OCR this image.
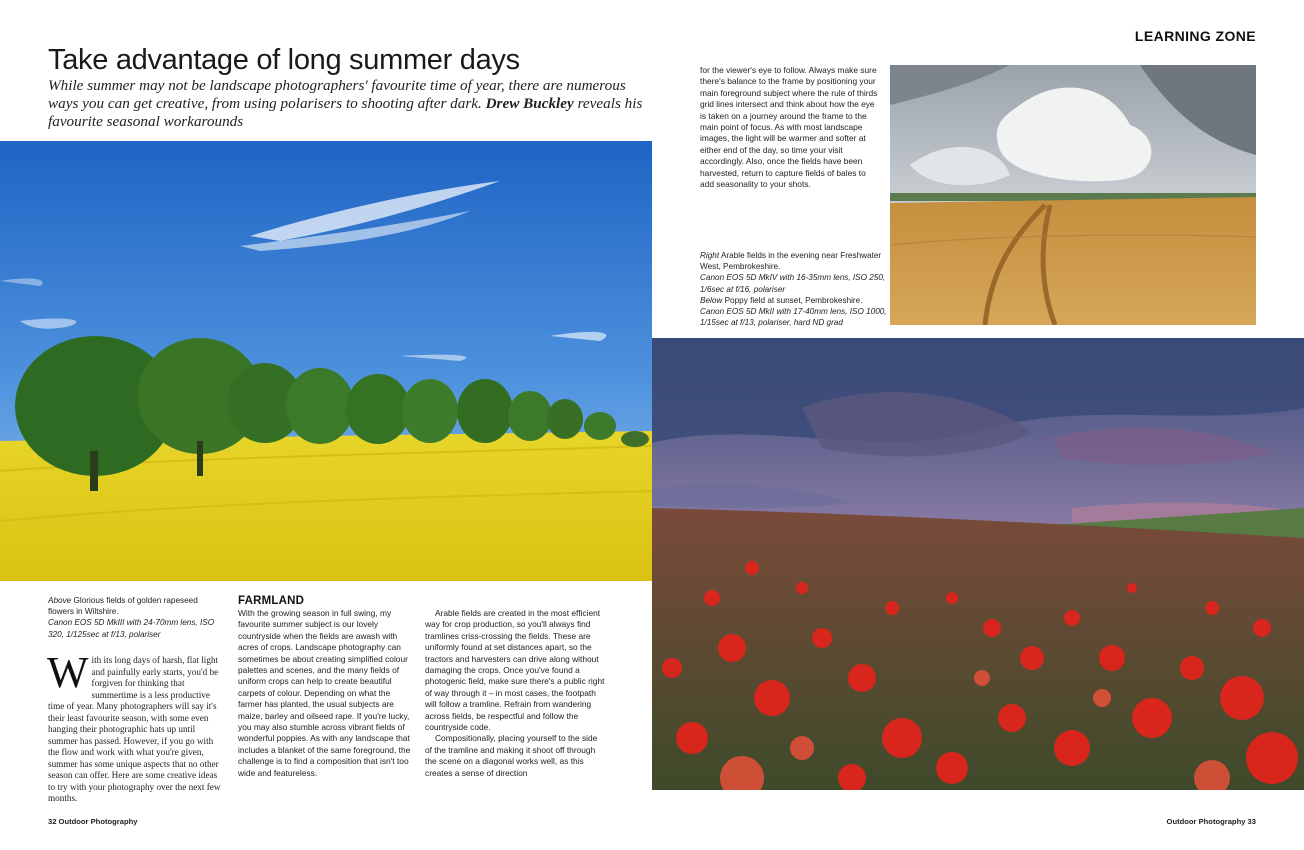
LEARNING ZONE
Take advantage of long summer days
While summer may not be landscape photographers' favourite time of year, there are numerous ways you can get creative, from using polarisers to shooting after dark. Drew Buckley reveals his favourite seasonal workarounds
Above Glorious fields of golden rapeseed flowers in Wiltshire.
Canon EOS 5D MkIII with 24-70mm lens, ISO 320, 1/125sec at f/13, polariser
Right Arable fields in the evening near Freshwater West, Pembrokeshire.
Canon EOS 5D MkIV with 16-35mm lens, ISO 250, 1/6sec at f/16, polariser
Below Poppy field at sunset, Pembrokeshire.
Canon EOS 5D MkII with 17-40mm lens, ISO 1000, 1/15sec at f/13, polariser, hard ND grad
W ith its long days of harsh, flat light and painfully early starts, you'd be forgiven for thinking that summertime is a less productive time of year. Many photographers will say it's their least favourite season, with some even hanging their photographic hats up until summer has passed. However, if you go with the flow and work with what you're given, summer has some unique aspects that no other season can offer. Here are some creative ideas to try with your photography over the next few months.
FARMLAND

With the growing season in full swing, my favourite summer subject is our lovely countryside when the fields are awash with acres of crops. Landscape photography can sometimes be about creating simplified colour palettes and scenes, and the many fields of uniform crops can help to create beautiful carpets of colour. Depending on what the farmer has planted, the usual subjects are maize, barley and oilseed rape. If you're lucky, you may also stumble across vibrant fields of wonderful poppies. As with any landscape that includes a blanket of the same foreground, the challenge is to find a composition that isn't too wide and featureless.

Arable fields are created in the most efficient way for crop production, so you'll always find tramlines criss-crossing the fields. These are uniformly found at set distances apart, so the tractors and harvesters can drive along without damaging the crops. Once you've found a photogenic field, make sure there's a public right of way through it – in most cases, the footpath will follow a tramline. Refrain from wandering across fields, be respectful and follow the countryside code.

Compositionally, placing yourself to the side of the tramline and making it shoot off through the scene on a diagonal works well, as this creates a sense of direction

for the viewer's eye to follow. Always make sure there's balance to the frame by positioning your main foreground subject where the rule of thirds grid lines intersect and think about how the eye is taken on a journey around the frame to the main point of focus. As with most landscape images, the light will be warmer and softer at either end of the day, so time your visit accordingly. Also, once the fields have been harvested, return to capture fields of bales to add seasonality to your shots.

32 Outdoor Photography	Outdoor Photography 33
